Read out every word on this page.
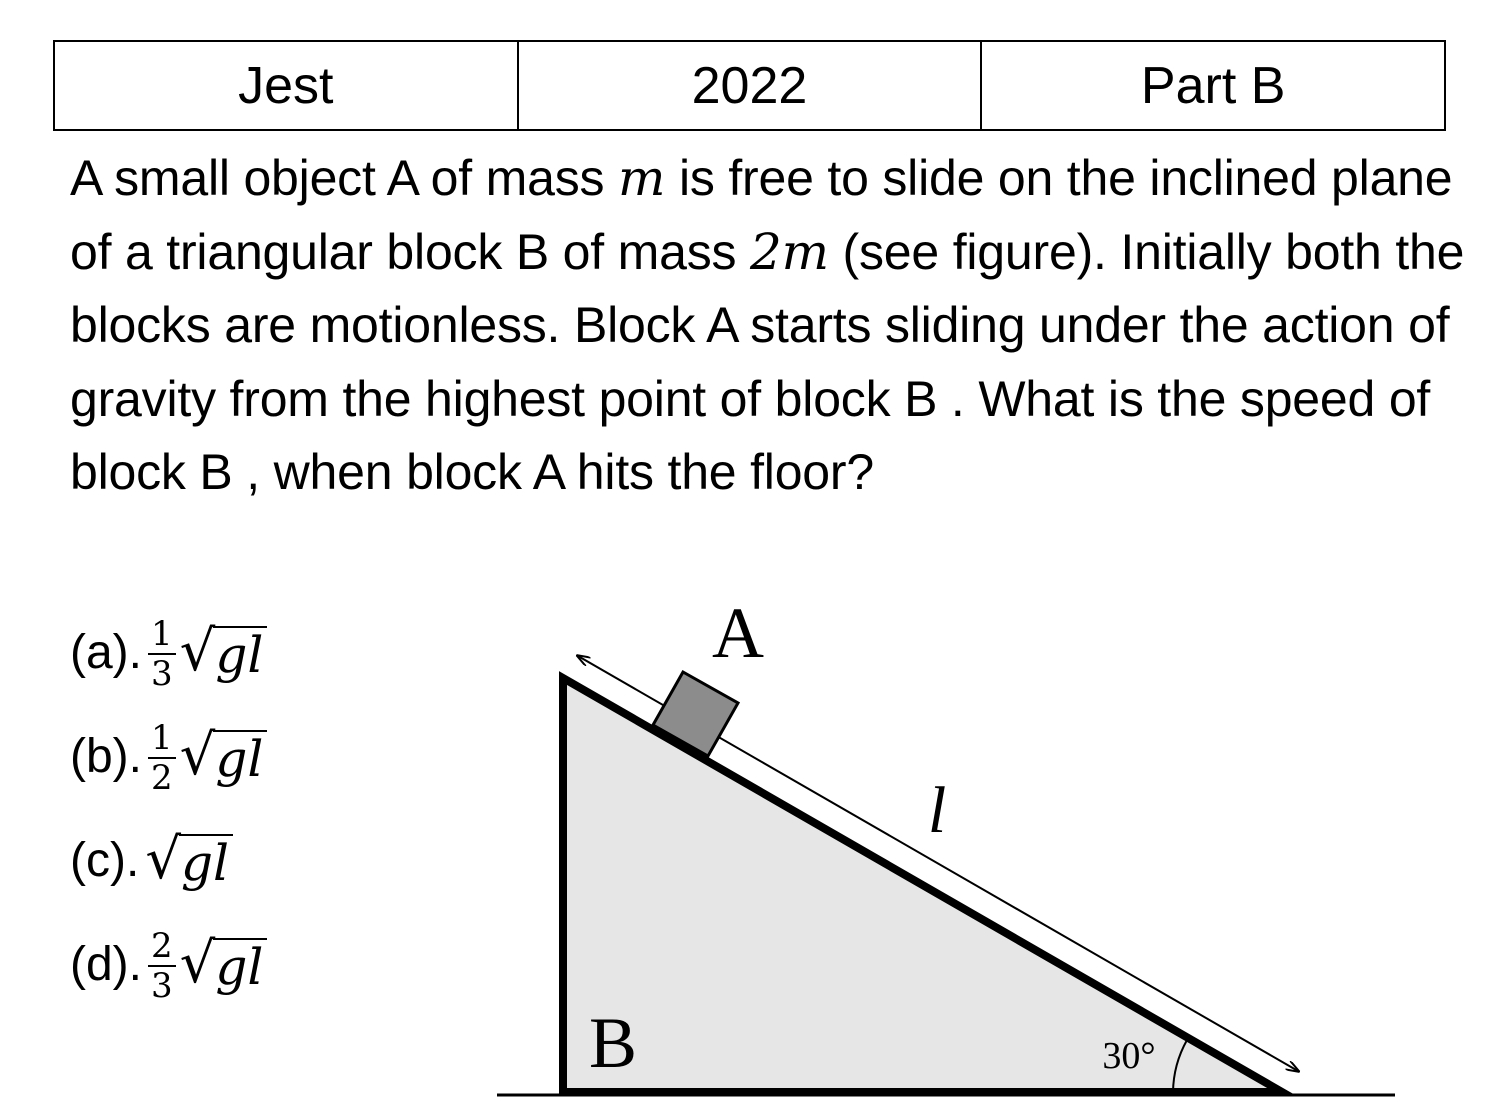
Jest	2022	Part B
A small object A of mass m is free to slide on the inclined plane of a triangular block B of mass 2m (see figure). Initially both the blocks are motionless. Block A starts sliding under the action of gravity from the highest point of block B . What is the speed of block B , when block A hits the floor?
(a). $\frac{1}{3}$ √ gl
(b). $\frac{1}{2}$ √ gl
(c). √ gl
(d). $\frac{2}{3}$ √ gl
A
B
l
30°
